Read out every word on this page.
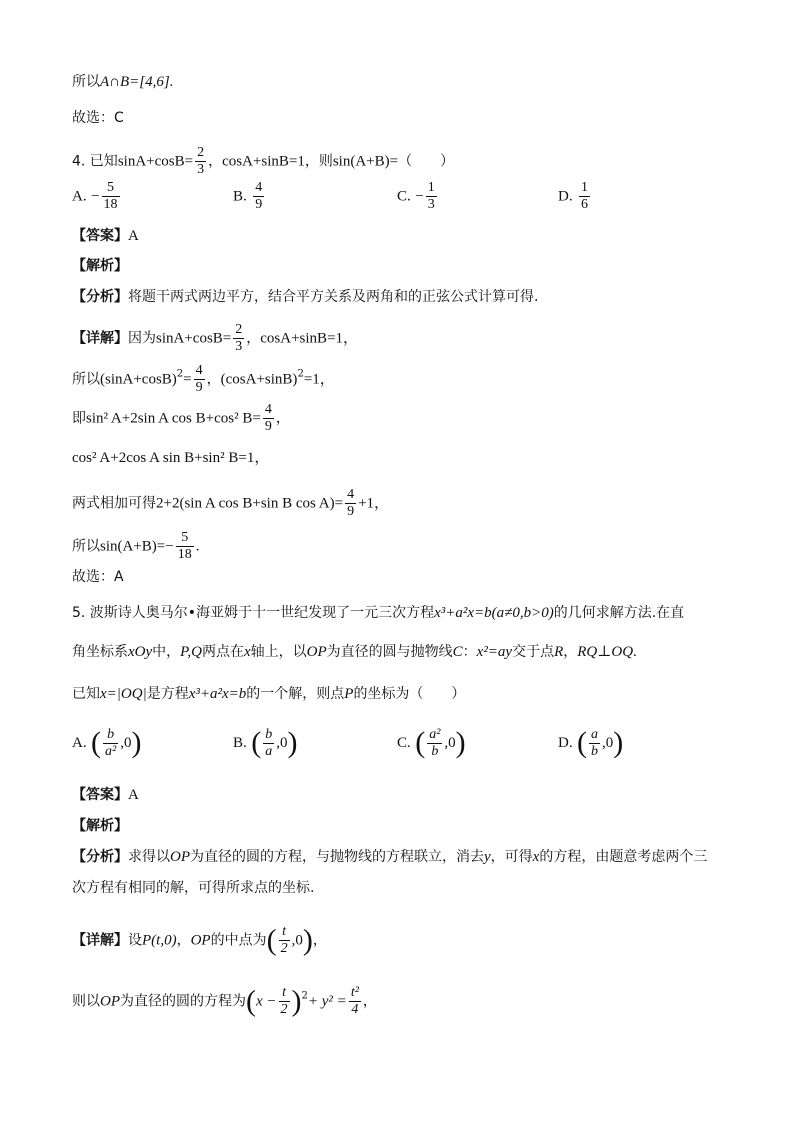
所以A∩B=[4,6].
故选：C
4. 已知$\sin A+\cos B= \frac{2}{3}$ ，cosA+sinB=1，则sin(A+B)=（　　）
A. − $\frac{5}{18}$	B. $\frac{4}{9}$	C. − $\frac{1}{3}$	D. $\frac{1}{6}$
【答案】A
【解析】
【分析】将题干两式两边平方，结合平方关系及两角和的正弦公式计算可得.
【详解】因为$\sin A+\cos B= \frac{2}{3}$ ，cosA+sinB=1，
所以$(\sin A+\cos B)^2= \frac{4}{9}$ ，$(\cos A+\sin B)^2=1$，
即sin² A+2sin A cos B+cos² $B= \frac{4}{9}$ ，
cos² A+2cos A sin B+sin² B=1，
两式相加可得2+2(sin A cos B+sin B $\cos A)= \frac{4}{9} +1$，
所以$\sin(A+B)=- \frac{5}{18}$ .
故选：A
5. 波斯诗人奥马尔•海亚姆于十一世纪发现了一元三次方程x³+a²x=b(a≠0,b>0)的几何求解方法.在直
角坐标系xOy中，P,Q两点在x轴上，以OP为直径的圆与抛物线C：x²=ay交于点R，RQ⊥OQ.
已知x=|OQ|是方程x³+a²x=b的一个解，则点P的坐标为（　　）
A. ( $\frac{b}{\text{a²}} ,0$)	B. ( $\frac{b}{a} ,0$)	C. ( $\frac{\text{a²}}{b} ,0$)	D. ( $\frac{a}{b} ,0$)
【答案】A
【解析】
【分析】求得以OP为直径的圆的方程，与抛物线的方程联立，消去y，可得x的方程，由题意考虑两个三
次方程有相同的解，可得所求点的坐标.
【详解】设P(t,0)，OP的中点为( $\frac{t}{2} ,0$)，
则以OP为直径的圆的方程为$(x - \frac{t}{2} )^2+ y^2 = \frac{\text{t²}}{4}$ ，
